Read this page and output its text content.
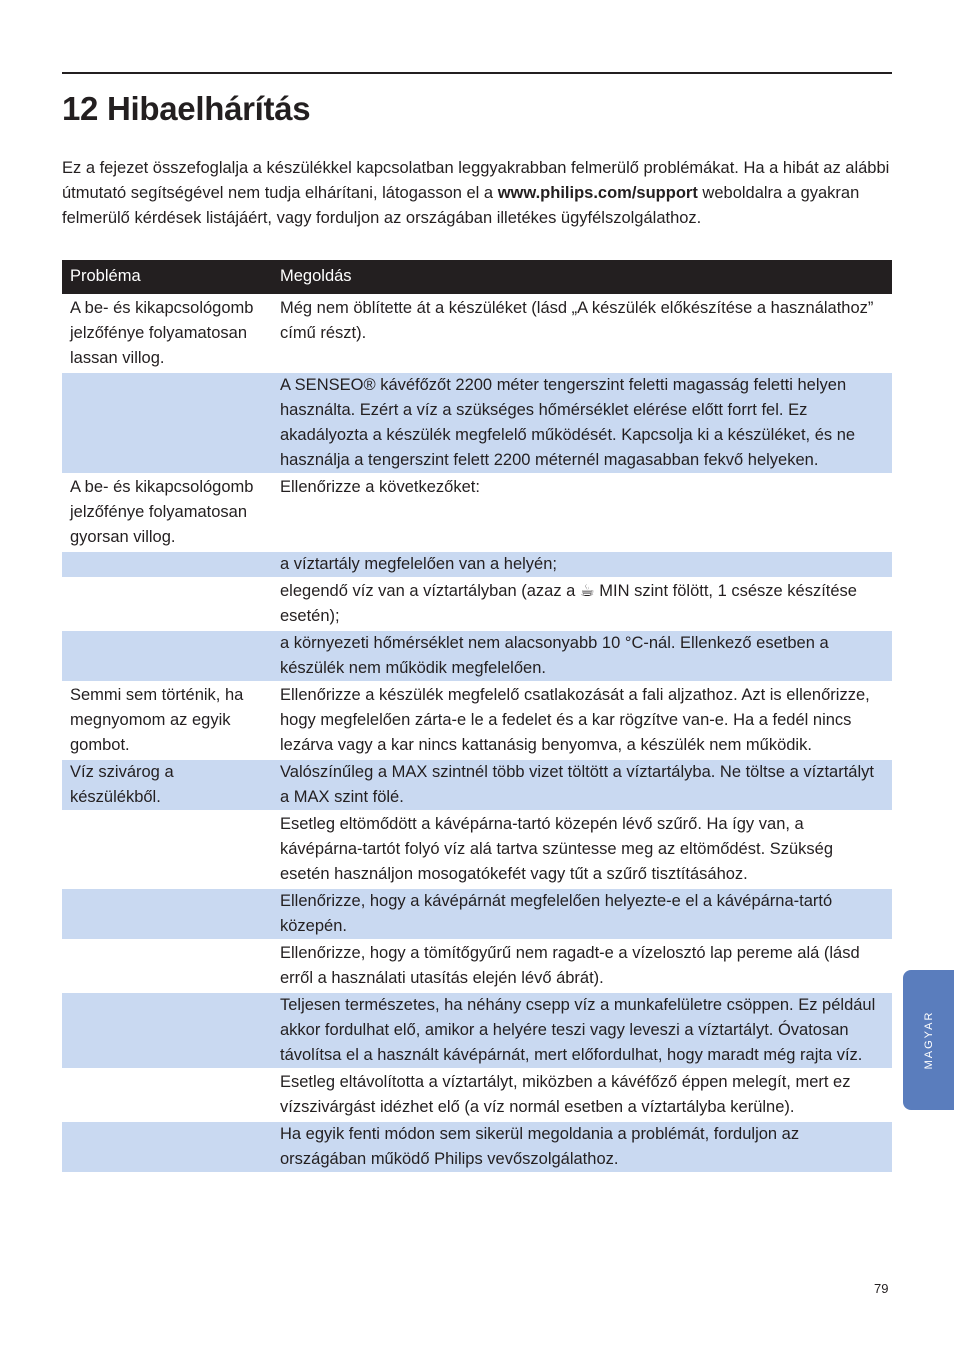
12 Hibaelhárítás

Ez a fejezet összefoglalja a készülékkel kapcsolatban leggyakrabban felmerülő problémákat. Ha a hibát az alábbi útmutató segítségével nem tudja elhárítani, látogasson el a www.philips.com/support weboldalra a gyakran felmerülő kérdések listájáért, vagy forduljon az országában illetékes ügyfélszolgálathoz.

Probléma	Megoldás
A be- és kikapcsológomb jelzőfénye folyamatosan lassan villog.	Még nem öblítette át a készüléket (lásd „A készülék előkészítése a használathoz” című részt).
	A SENSEO® kávéfőzőt 2200 méter tengerszint feletti magasság feletti helyen használta. Ezért a víz a szükséges hőmérséklet elérése előtt forrt fel. Ez akadályozta a készülék megfelelő működését. Kapcsolja ki a készüléket, és ne használja a tengerszint felett 2200 méternél magasabban fekvő helyeken.
A be- és kikapcsológomb jelzőfénye folyamatosan gyorsan villog.	Ellenőrizze a következőket:
	a víztartály megfelelően van a helyén;
	elegendő víz van a víztartályban (azaz a ☕ MIN szint fölött, 1 csésze készítése esetén);
	a környezeti hőmérséklet nem alacsonyabb 10 °C-nál. Ellenkező esetben a készülék nem működik megfelelően.
Semmi sem történik, ha megnyomom az egyik gombot.	Ellenőrizze a készülék megfelelő csatlakozását a fali aljzathoz. Azt is ellenőrizze, hogy megfelelően zárta-e le a fedelet és a kar rögzítve van-e. Ha a fedél nincs lezárva vagy a kar nincs kattanásig benyomva, a készülék nem működik.
Víz szivárog a készülékből.	Valószínűleg a MAX szintnél több vizet töltött a víztartályba. Ne töltse a víztartályt a MAX szint fölé.
	Esetleg eltömődött a kávépárna-tartó közepén lévő szűrő. Ha így van, a kávépárna-tartót folyó víz alá tartva szüntesse meg az eltömődést. Szükség esetén használjon mosogatókefét vagy tűt a szűrő tisztításához.
	Ellenőrizze, hogy a kávépárnát megfelelően helyezte-e el a kávépárna-tartó közepén.
	Ellenőrizze, hogy a tömítőgyűrű nem ragadt-e a vízelosztó lap pereme alá (lásd erről a használati utasítás elején lévő ábrát).
	Teljesen természetes, ha néhány csepp víz a munkafelületre csöppen. Ez például akkor fordulhat elő, amikor a helyére teszi vagy leveszi a víztartályt. Óvatosan távolítsa el a használt kávépárnát, mert előfordulhat, hogy maradt még rajta víz.
	Esetleg eltávolította a víztartályt, miközben a kávéfőző éppen melegít, mert ez vízszivárgást idézhet elő (a víz normál esetben a víztartályba kerülne).
	Ha egyik fenti módon sem sikerül megoldania a problémát, forduljon az országában működő Philips vevőszolgálathoz.
MAGYAR
79
